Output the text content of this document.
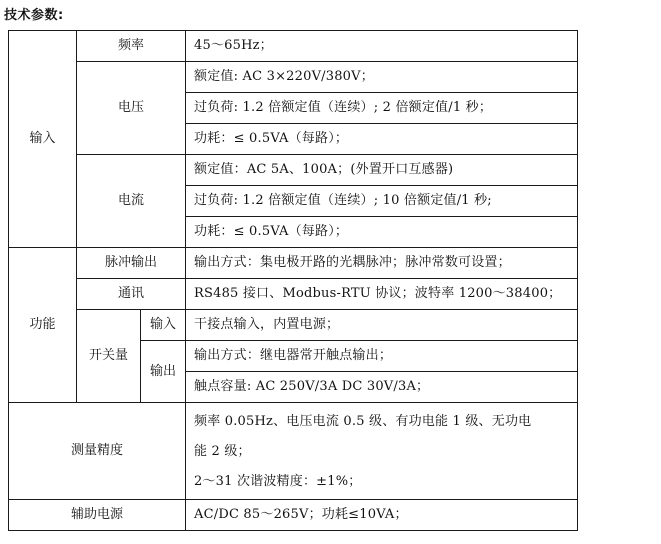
技术参数:
输入	频率		45～65Hz；
	电压		额定值: AC 3×220V/380V；
			过负荷: 1.2 倍额定值（连续）; 2 倍额定值/1 秒；
			功耗：≤ 0.5VA（每路）；
	电流		额定值：AC 5A、100A；(外置开口互感器)
			过负荷: 1.2 倍额定值（连续）; 10 倍额定值/1 秒;
			功耗：≤ 0.5VA（每路）；
功能	脉冲输出		输出方式：集电极开路的光耦脉冲；脉冲常数可设置；
	通讯		RS485 接口、Modbus-RTU 协议；波特率 1200～38400；
	开关量	输入	干接点输入，内置电源；
		输出	输出方式：继电器常开触点输出；
			触点容量: AC 250V/3A DC 30V/3A；
测量精度			频率 0.05Hz、电压电流 0.5 级、有功电能 1 级、无功电
能 2 级；
2～31 次谐波精度：±1%；

辅助电源			AC/DC 85～265V；功耗≤10VA；
